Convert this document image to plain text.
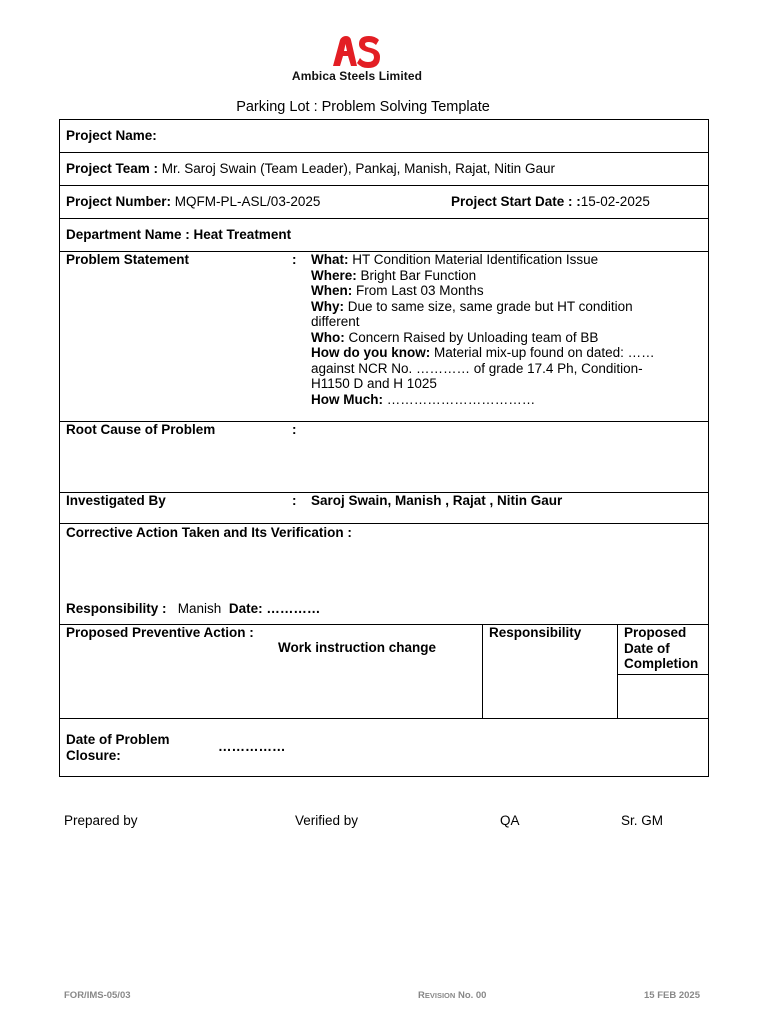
Ambica Steels Limited
Parking Lot : Problem Solving Template
Project Name:
Project Team : Mr. Saroj Swain (Team Leader), Pankaj, Manish, Rajat, Nitin Gaur
Project Number: MQFM-PL-ASL/03-2025	Project Start Date : :15-02-2025
Department Name : Heat Treatment
Problem Statement	: What: HT Condition Material Identification Issue
Where: Bright Bar Function
When: From Last 03 Months
Why: Due to same size, same grade but HT condition
different
Who: Concern Raised by Unloading team of BB
How do you know: Material mix-up found on dated: ……
against NCR No. ………… of grade 17.4 Ph, Condition-
H1150 D and H 1025
How Much: ……………………………
Root Cause of Problem	:
Investigated By	: Saroj Swain, Manish , Rajat , Nitin Gaur
Corrective Action Taken and Its Verification :
Responsibility : Manish Date: …………
Proposed Preventive Action :
Work instruction change
Responsibility	Proposed
Date of
Completion
Date of Problem
Closure:
……………
Prepared by	Verified by	QA	Sr. GM
FOR/IMS-05/03	REVISION No. 00	15 FEB 2025
